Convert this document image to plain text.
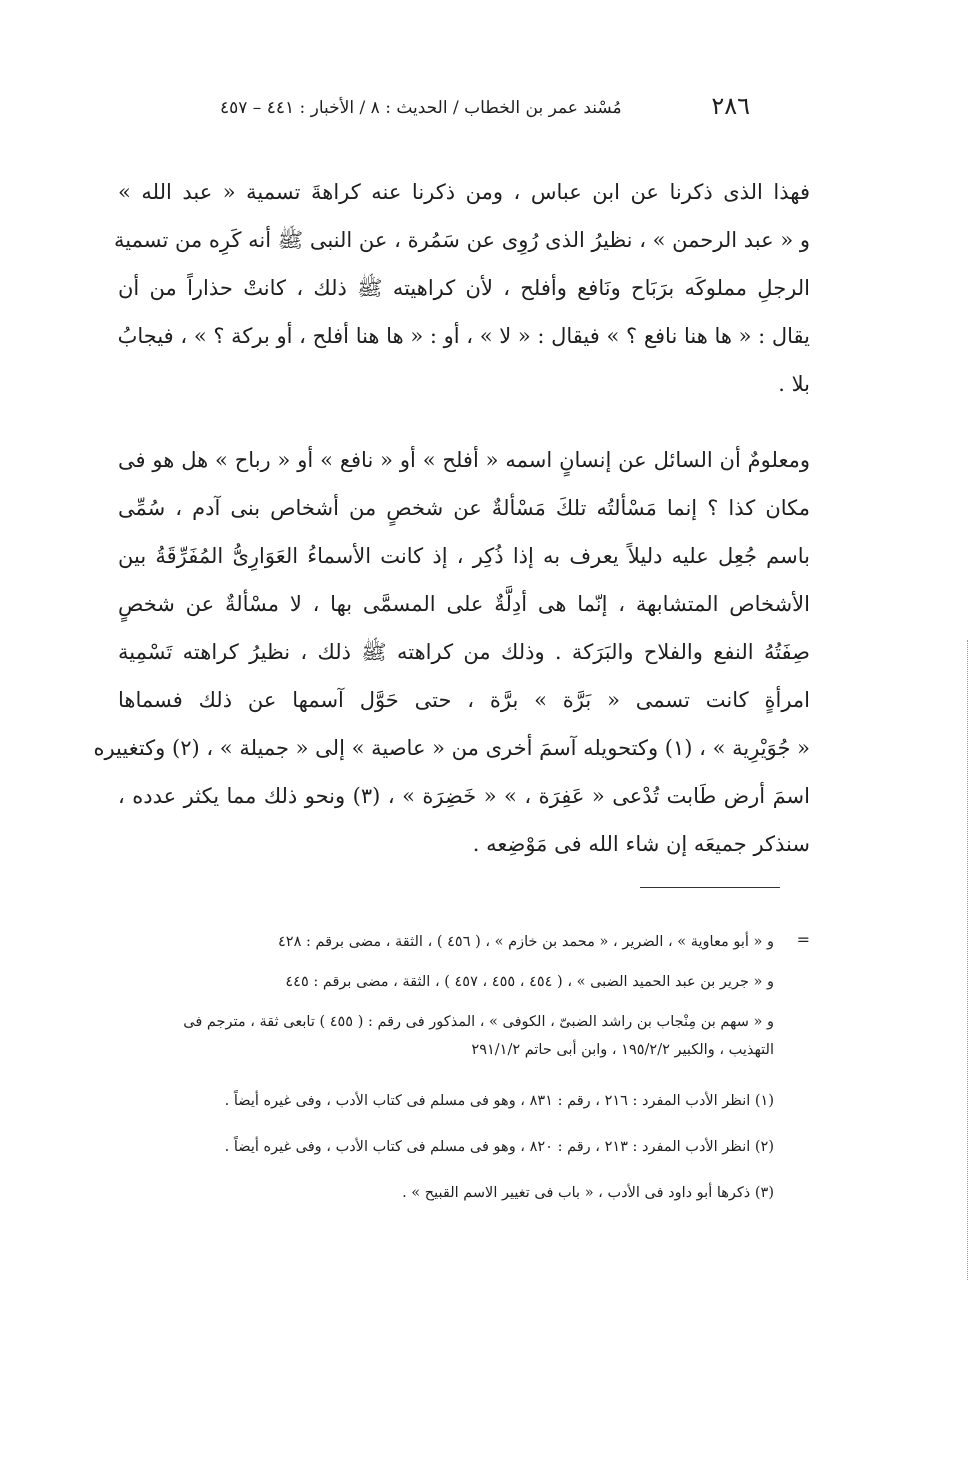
٢٨٦
مُسْند عمر بن الخطاب / الحديث : ٨ / الأخبار : ٤٤١ – ٤٥٧

فهذا الذى ذكرنا عن ابن عباس ، ومن ذكرنا عنه كراهةَ تسمية « عبد الله »

و « عبد الرحمن » ، نظيرُ الذى رُوِى عن سَمُرة ، عن النبى ﷺ أنه كَرِه من تسمية

الرجلِ مملوكَه برَبَاح ونَافع وأفلح ، لأن كراهيته ﷺ ذلك ، كانتْ حذاراً من أن

يقال : « ها هنا نافع ؟ » فيقال : « لا » ، أو : « ها هنا أفلح ، أو بركة ؟ » ، فيجابُ

بلا .

ومعلومٌ أن السائل عن إنسانٍ اسمه « أفلح » أو « نافع » أو « رباح » هل هو فى

مكان كذا ؟ إنما مَسْألتُه تلكَ مَسْألةٌ عن شخصٍ من أشخاص بنى آدم ، سُمِّى

باسم جُعِل عليه دليلاً يعرف به إذا ذُكِر ، إذ كانت الأسماءُ العَوَارِىُّ المُفَرِّقَةُ بين

الأشخاص المتشابهة ، إنّما هى أدِلَّةٌ على المسمَّى بها ، لا مسْألةٌ عن شخصٍ

صِفَتُهُ النفع والفلاح والبَرَكة . وذلك من كراهته ﷺ ذلك ، نظيرُ كراهته تَسْمِية

امرأةٍ كانت تسمى « بَرَّة » برَّة ، حتى حَوَّل آسمها عن ذلك فسماها

« جُوَيْرِية » ، (١) وكتحويله آسمَ أخرى من « عاصية » إلى « جميلة » ، (٢) وكتغييره

اسمَ أرض طَابت تُدْعى « عَفِرَة ، » « خَضِرَة » ، (٣) ونحو ذلك مما يكثر عدده ،

سنذكر جميعَه إن شاء الله فى مَوْضِعه .

=

و « أبو معاوية » ، الضرير ، « محمد بن خازم » ، ( ٤٥٦ ) ، الثقة ، مضى برقم : ٤٢٨

و « جرير بن عبد الحميد الضبى » ، ( ٤٥٤ ، ٤٥٥ ، ٤٥٧ ) ، الثقة ، مضى برقم : ٤٤٥

و « سهم بن مِنْجاب بن راشد الضبىّ ، الكوفى » ، المذكور فى رقم : ( ٤٥٥ ) تابعى ثقة ، مترجم فى

التهذيب ، والكبير ١٩٥/٢/٢ ، وابن أبى حاتم ٢٩١/١/٢

(١) انظر الأدب المفرد : ٢١٦ ، رقم : ٨٣١ ، وهو فى مسلم فى كتاب الأدب ، وفى غيره أيضاً .

(٢) انظر الأدب المفرد : ٢١٣ ، رقم : ٨٢٠ ، وهو فى مسلم فى كتاب الأدب ، وفى غيره أيضاً .

(٣) ذكرها أبو داود فى الأدب ، « باب فى تغيير الاسم القبيح » .
